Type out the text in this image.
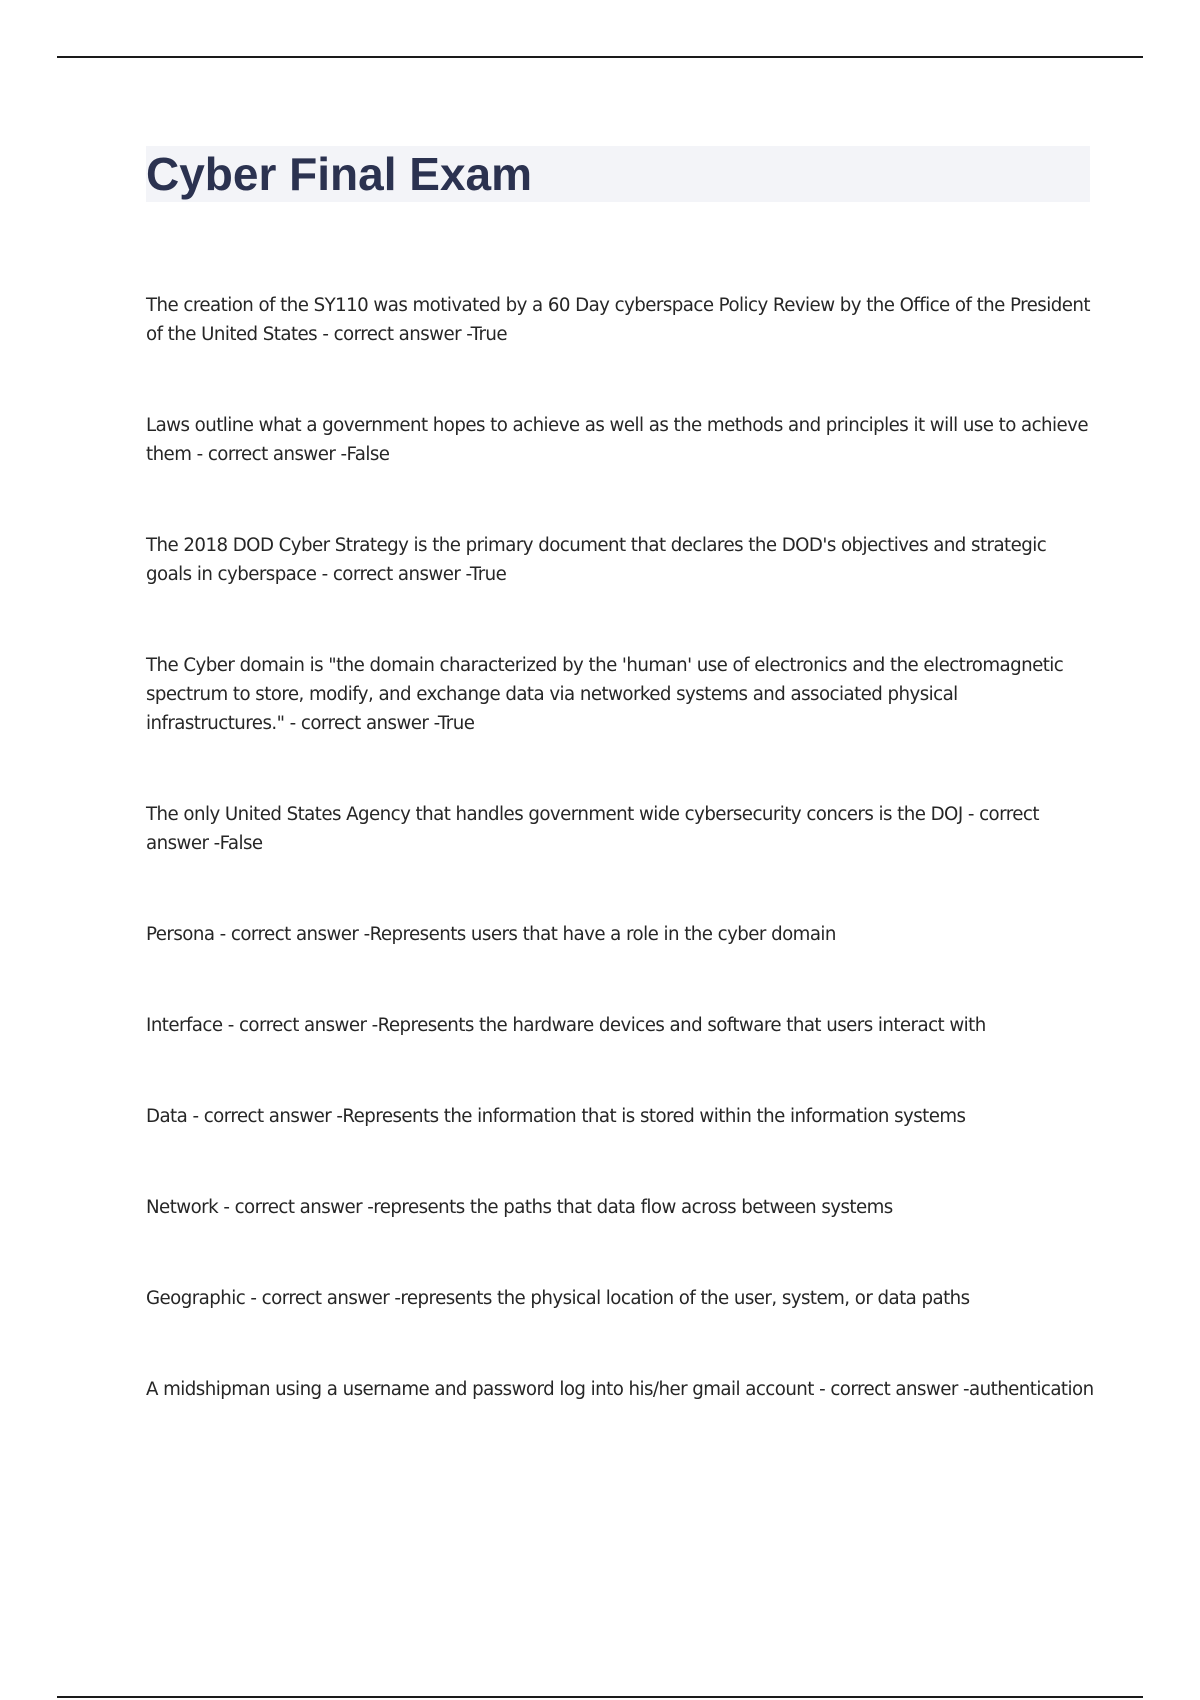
Cyber Final Exam
The creation of the SY110 was motivated by a 60 Day cyberspace Policy Review by the Office of the President of the United States - correct answer -True
Laws outline what a government hopes to achieve as well as the methods and principles it will use to achieve them - correct answer -False
The 2018 DOD Cyber Strategy is the primary document that declares the DOD's objectives and strategic goals in cyberspace - correct answer -True
The Cyber domain is "the domain characterized by the 'human' use of electronics and the electromagnetic spectrum to store, modify, and exchange data via networked systems and associated physical infrastructures." - correct answer -True
The only United States Agency that handles government wide cybersecurity concers is the DOJ - correct answer -False
Persona - correct answer -Represents users that have a role in the cyber domain
Interface - correct answer -Represents the hardware devices and software that users interact with
Data - correct answer -Represents the information that is stored within the information systems
Network - correct answer -represents the paths that data flow across between systems
Geographic - correct answer -represents the physical location of the user, system, or data paths
A midshipman using a username and password log into his/her gmail account - correct answer -authentication
